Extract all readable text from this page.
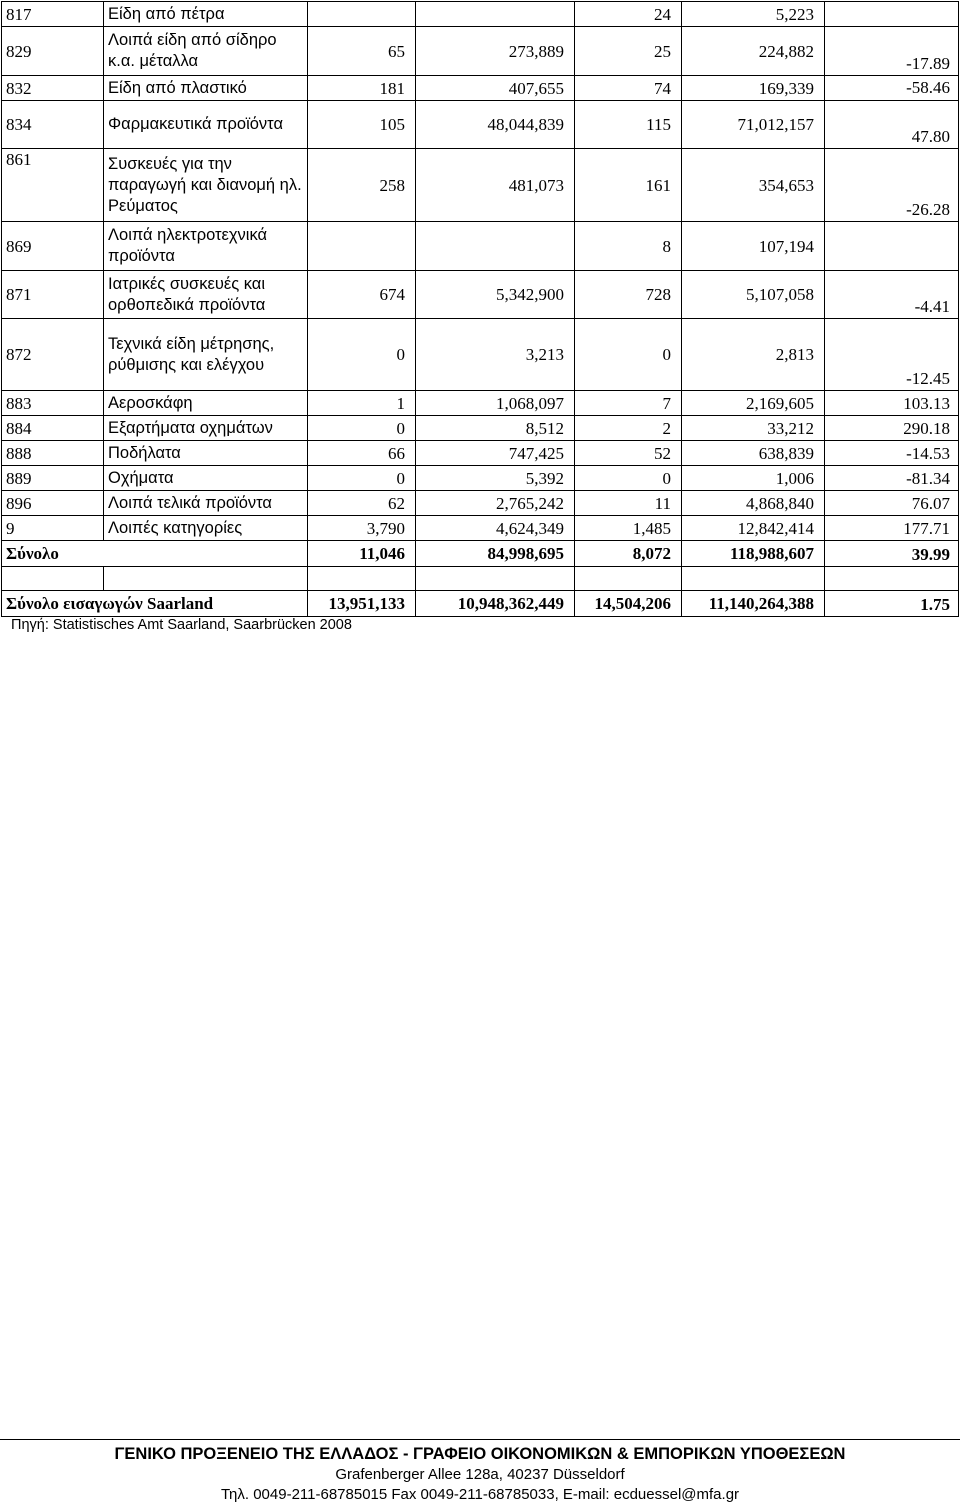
817	Είδη από πέτρα			24	5,223	
829	Λοιπά είδη από σίδηρο κ.α. μέταλλα	65	273,889	25	224,882	-17.89
832	Είδη από πλαστικό	181	407,655	74	169,339	-58.46
834	Φαρμακευτικά προϊόντα	105	48,044,839	115	71,012,157	47.80
861	Συσκευές για την παραγωγή και διανομή ηλ. Ρεύματος	258	481,073	161	354,653	-26.28
869	Λοιπά ηλεκτροτεχνικά προϊόντα			8	107,194	
871	Ιατρικές συσκευές και ορθοπεδικά προϊόντα	674	5,342,900	728	5,107,058	-4.41
872	Τεχνικά είδη μέτρησης, ρύθμισης και ελέγχου	0	3,213	0	2,813	-12.45
883	Αεροσκάφη	1	1,068,097	7	2,169,605	103.13
884	Εξαρτήματα οχημάτων	0	8,512	2	33,212	290.18
888	Ποδήλατα	66	747,425	52	638,839	-14.53
889	Οχήματα	0	5,392	0	1,006	-81.34
896	Λοιπά τελικά προϊόντα	62	2,765,242	11	4,868,840	76.07
9	Λοιπές κατηγορίες	3,790	4,624,349	1,485	12,842,414	177.71
Σύνολο		11,046	84,998,695	8,072	118,988,607	39.99

Σύνολο εισαγωγών Saarland		13,951,133	10,948,362,449	14,504,206	11,140,264,388	1.75
Πηγή: Statistisches Amt Saarland, Saarbrücken 2008
ΓΕΝΙΚΟ ΠΡΟΞΕΝΕΙΟ ΤΗΣ ΕΛΛΑΔΟΣ - ΓΡΑΦΕΙΟ ΟΙΚΟΝΟΜΙΚΩΝ & ΕΜΠΟΡΙΚΩΝ ΥΠΟΘΕΣΕΩΝ
Grafenberger Allee 128a, 40237 Düsseldorf
Τηλ. 0049-211-68785015 Fax 0049-211-68785033, E-mail: ecduessel@mfa.gr
